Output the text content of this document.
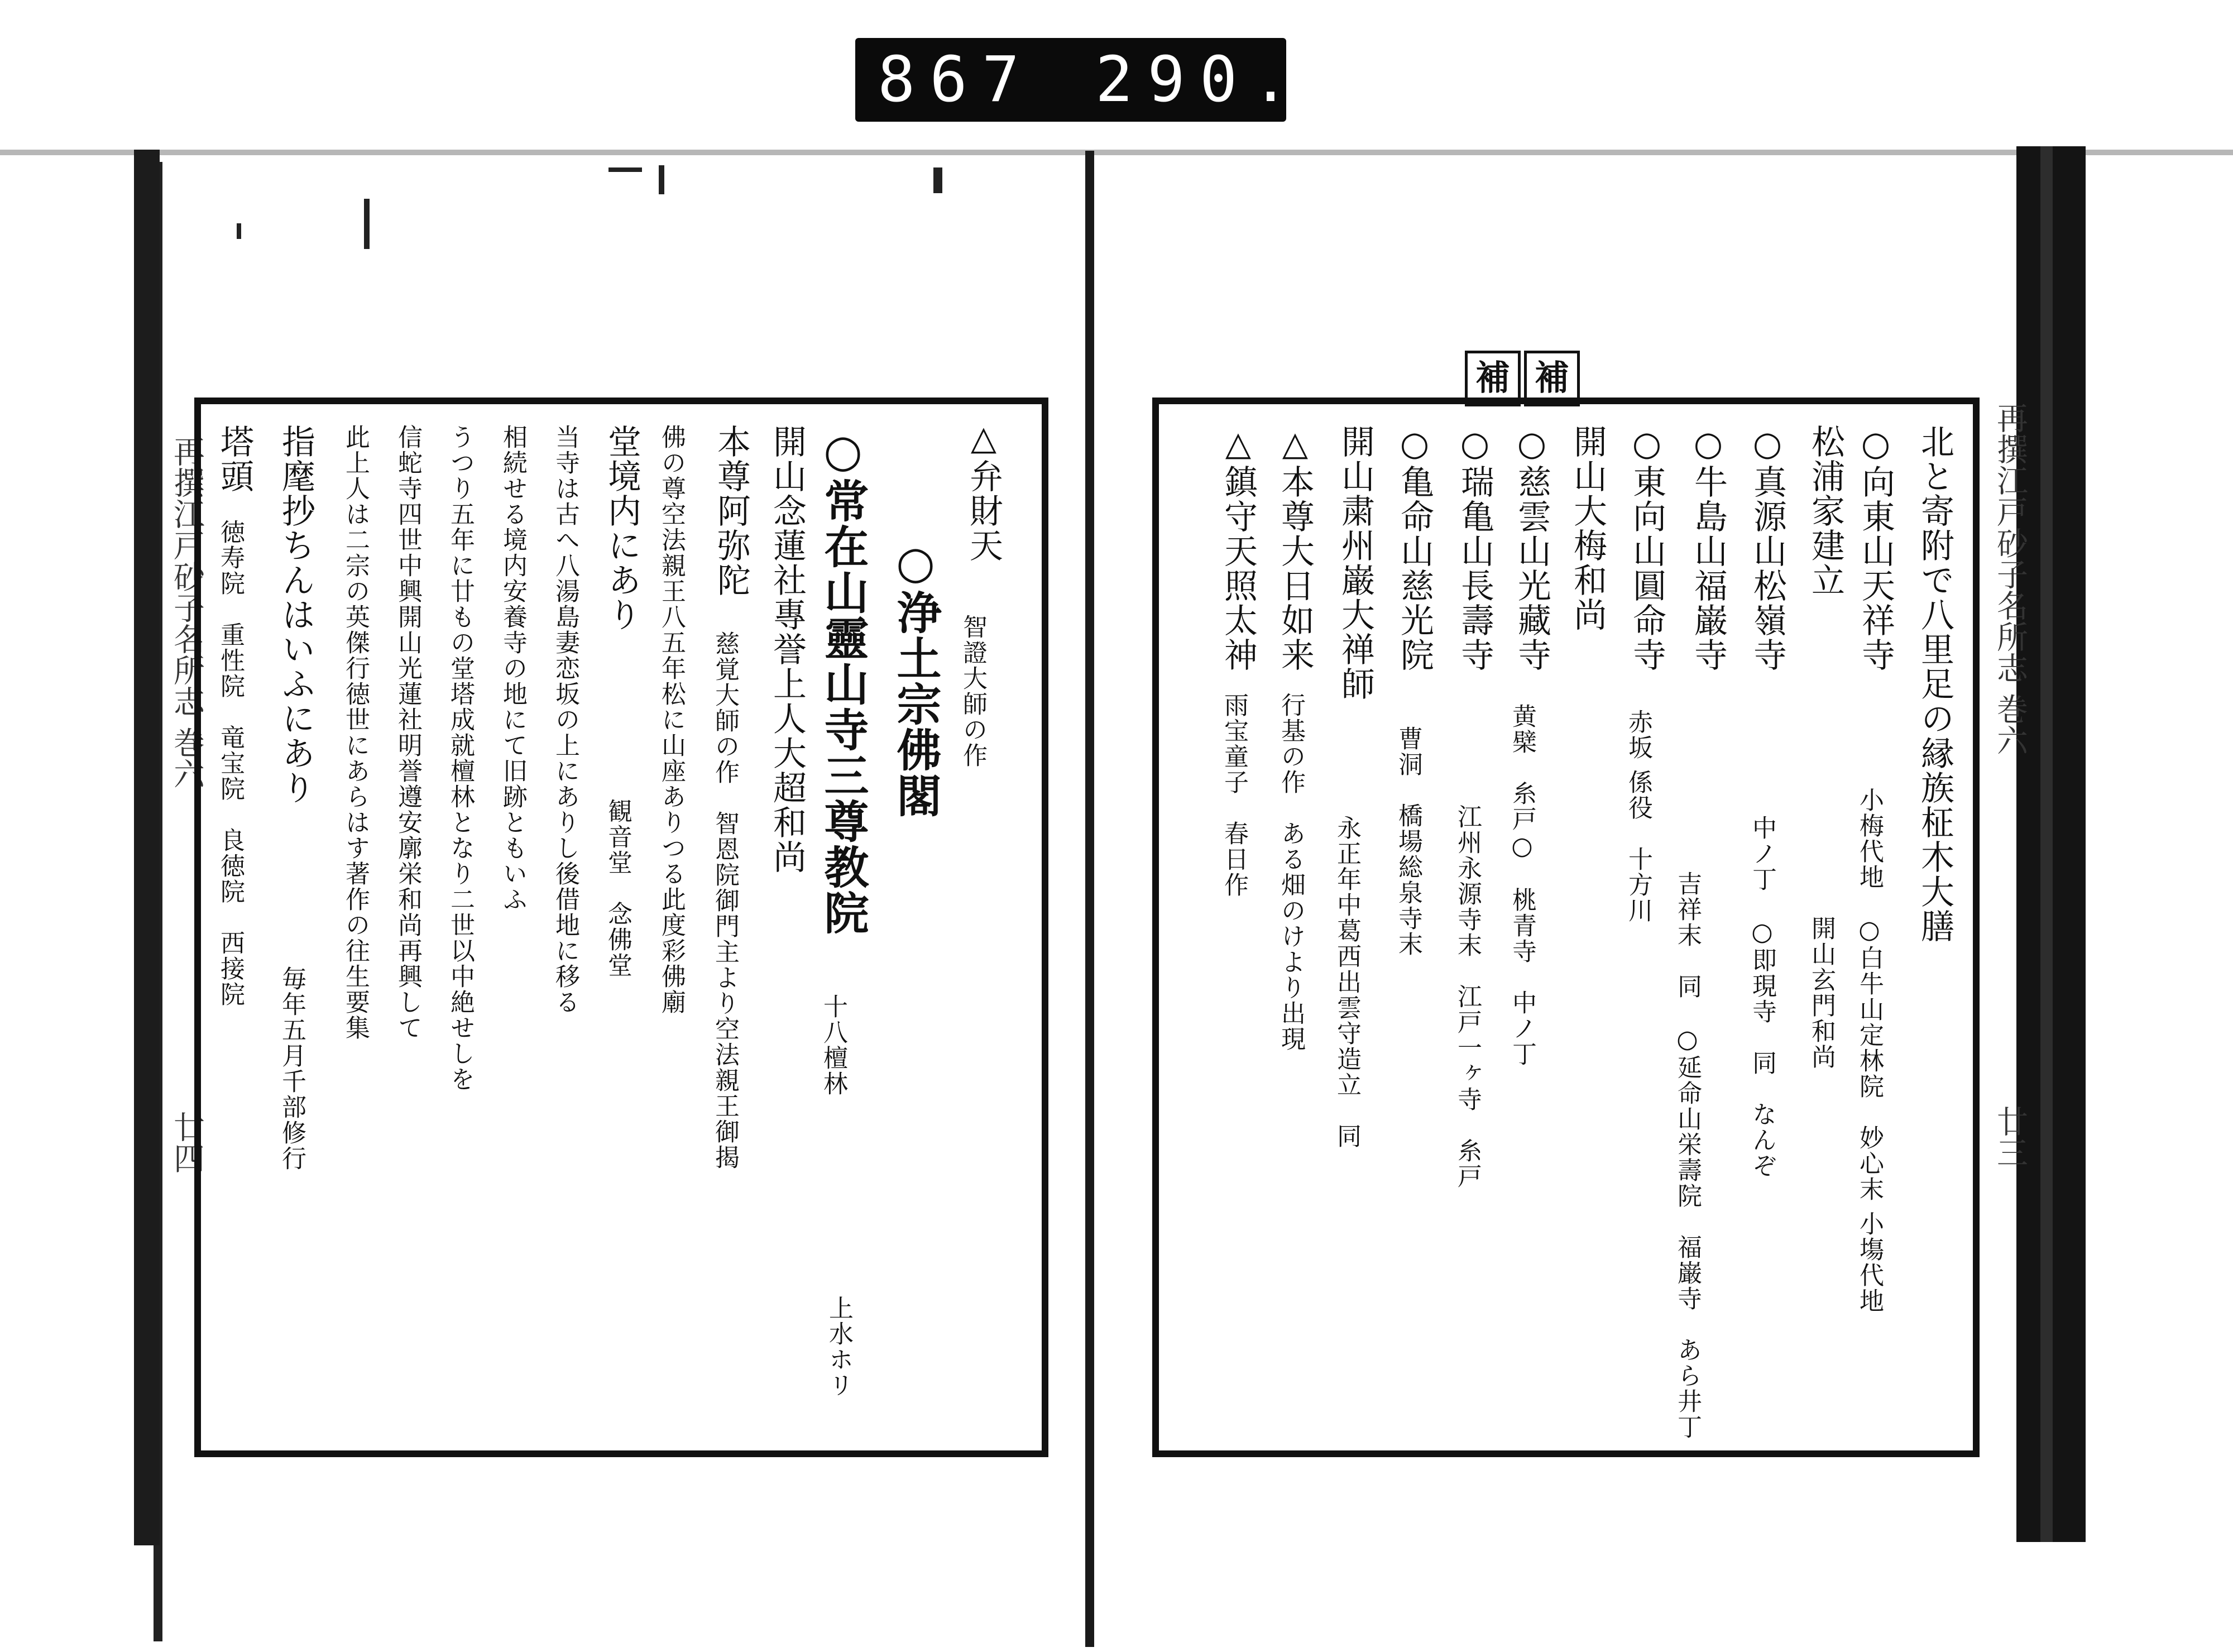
867 290.
再撰江戸砂子名所志 巻六
廿三
再撰江戸砂子名所志 巻六
廿四
補 補
北と寄附で八里足の縁族柾木大膳
○向東山天祥寺
小梅代地　○白牛山定林院　妙心末 小塲代地
松浦家建立
開山玄門和尚
○真源山松嶺寺
中ノ丁　○即現寺　同　なんぞ
○牛島山福巌寺
吉祥末　同　○延命山栄壽院　福巌寺　あら井丁
○東向山圓命寺
赤坂 係役　十方川
開山大梅和尚
○慈雲山光藏寺
黄檗　糸戸○　桃青寺　中ノ丁
○瑞亀山長壽寺
江州永源寺末　江戸一ヶ寺　糸戸
○亀命山慈光院
曹洞　橋場総泉寺末
開山粛州巌大禅師
永正年中葛西出雲守造立　同
△本尊大日如来
行基の作　ある畑のけより出現
△鎮守天照太神
雨宝童子　春日作
△弁財天
智證大師の作
○浄土宗佛閣
○常在山靈山寺三尊教院
十八檀林
開山念蓮社專誉上人大超和尚
本尊阿弥陀
慈覚大師の作　智恩院御門主より空法親王御揭
佛の尊空法親王八五年松に山座ありつる此度彩佛廟
上水ホリ
堂境内にあり
観音堂　念佛堂
当寺は古へ八湯島妻恋坂の上にありし後借地に移る
相続せる境内安養寺の地にて旧跡ともいふ
うつり五年に廿もの堂塔成就檀林となり二世以中絶せしを
信蛇寺四世中興開山光蓮社明誉遵安廓栄和尚再興して
此上人は二宗の英傑行徳世にあらはす著作の往生要集
指麾抄ちんはいふにあり
毎年五月千部修行
塔頭
徳寿院　重性院　竜宝院　良徳院　西接院
